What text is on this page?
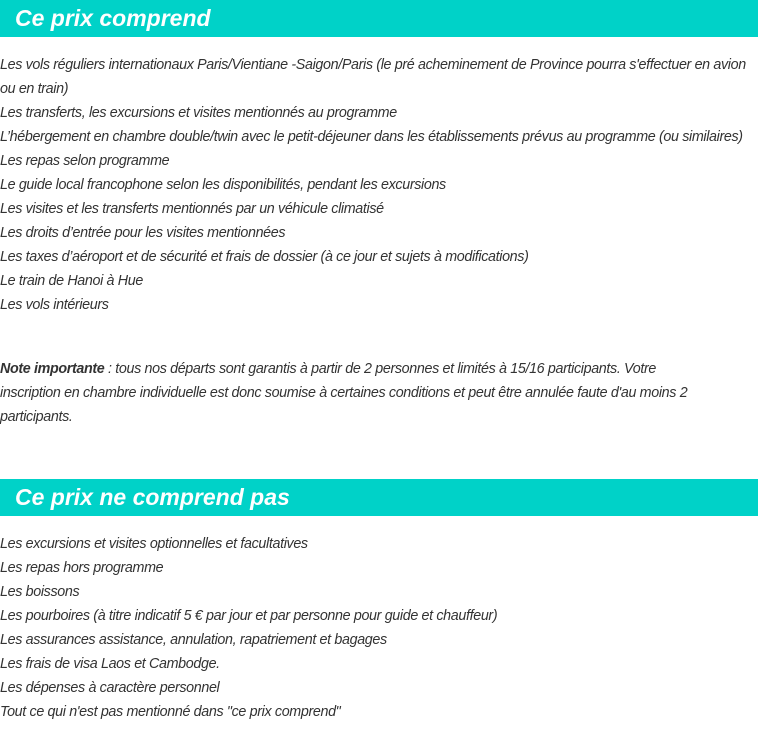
Ce prix comprend
Les vols réguliers internationaux Paris/Vientiane -Saigon/Paris (le pré acheminement de Province pourra s'effectuer en avion ou en train)
Les transferts, les excursions et visites mentionnés au programme
L’hébergement en chambre double/twin avec le petit-déjeuner dans les établissements prévus au programme (ou similaires)
Les repas selon programme
Le guide local francophone selon les disponibilités, pendant les excursions
Les visites et les transferts mentionnés par un véhicule climatisé
Les droits d’entrée pour les visites mentionnées
Les taxes d’aéroport et de sécurité et frais de dossier (à ce jour et sujets à modifications)
Le train de Hanoi à Hue
Les vols intérieurs

Note importante : tous nos départs sont garantis à partir de 2 personnes et limités à 15/16 participants. Votre inscription en chambre individuelle est donc soumise à certaines conditions et peut être annulée faute d'au moins 2 participants.

Ce prix ne comprend pas
Les excursions et visites optionnelles et facultatives
Les repas hors programme
Les boissons
Les pourboires (à titre indicatif 5 € par jour et par personne pour guide et chauffeur)
Les assurances assistance, annulation, rapatriement et bagages
Les frais de visa Laos et Cambodge.
Les dépenses à caractère personnel
Tout ce qui n'est pas mentionné dans "ce prix comprend"
